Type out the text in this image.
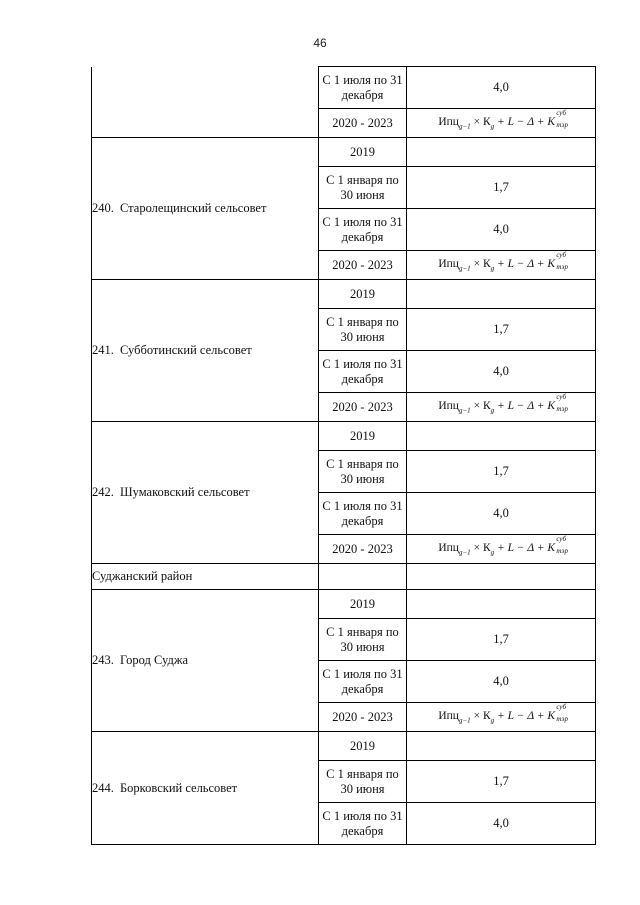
46
	С 1 июля по 31 декабря	4,0
	2020 - 2023	$Ипц_{g-1} \times К_g + L - \Delta + K$
суб
тэр

240. Старолещинский сельсовет	2019	
	С 1 января по 30 июня	1,7
	С 1 июля по 31 декабря	4,0
	2020 - 2023	$Ипц_{g-1} \times К_g + L - \Delta + K$
суб
тэр

241. Субботинский сельсовет	2019	
	С 1 января по 30 июня	1,7
	С 1 июля по 31 декабря	4,0
	2020 - 2023	$Ипц_{g-1} \times К_g + L - \Delta + K$
суб
тэр

242. Шумаковский сельсовет	2019	
	С 1 января по 30 июня	1,7
	С 1 июля по 31 декабря	4,0
	2020 - 2023	$Ипц_{g-1} \times К_g + L - \Delta + K$
суб
тэр

Суджанский район		
243. Город Суджа	2019	
	С 1 января по 30 июня	1,7
	С 1 июля по 31 декабря	4,0
	2020 - 2023	$Ипц_{g-1} \times К_g + L - \Delta + K$
суб
тэр

244. Борковский сельсовет	2019	
	С 1 января по 30 июня	1,7
	С 1 июля по 31 декабря	4,0
